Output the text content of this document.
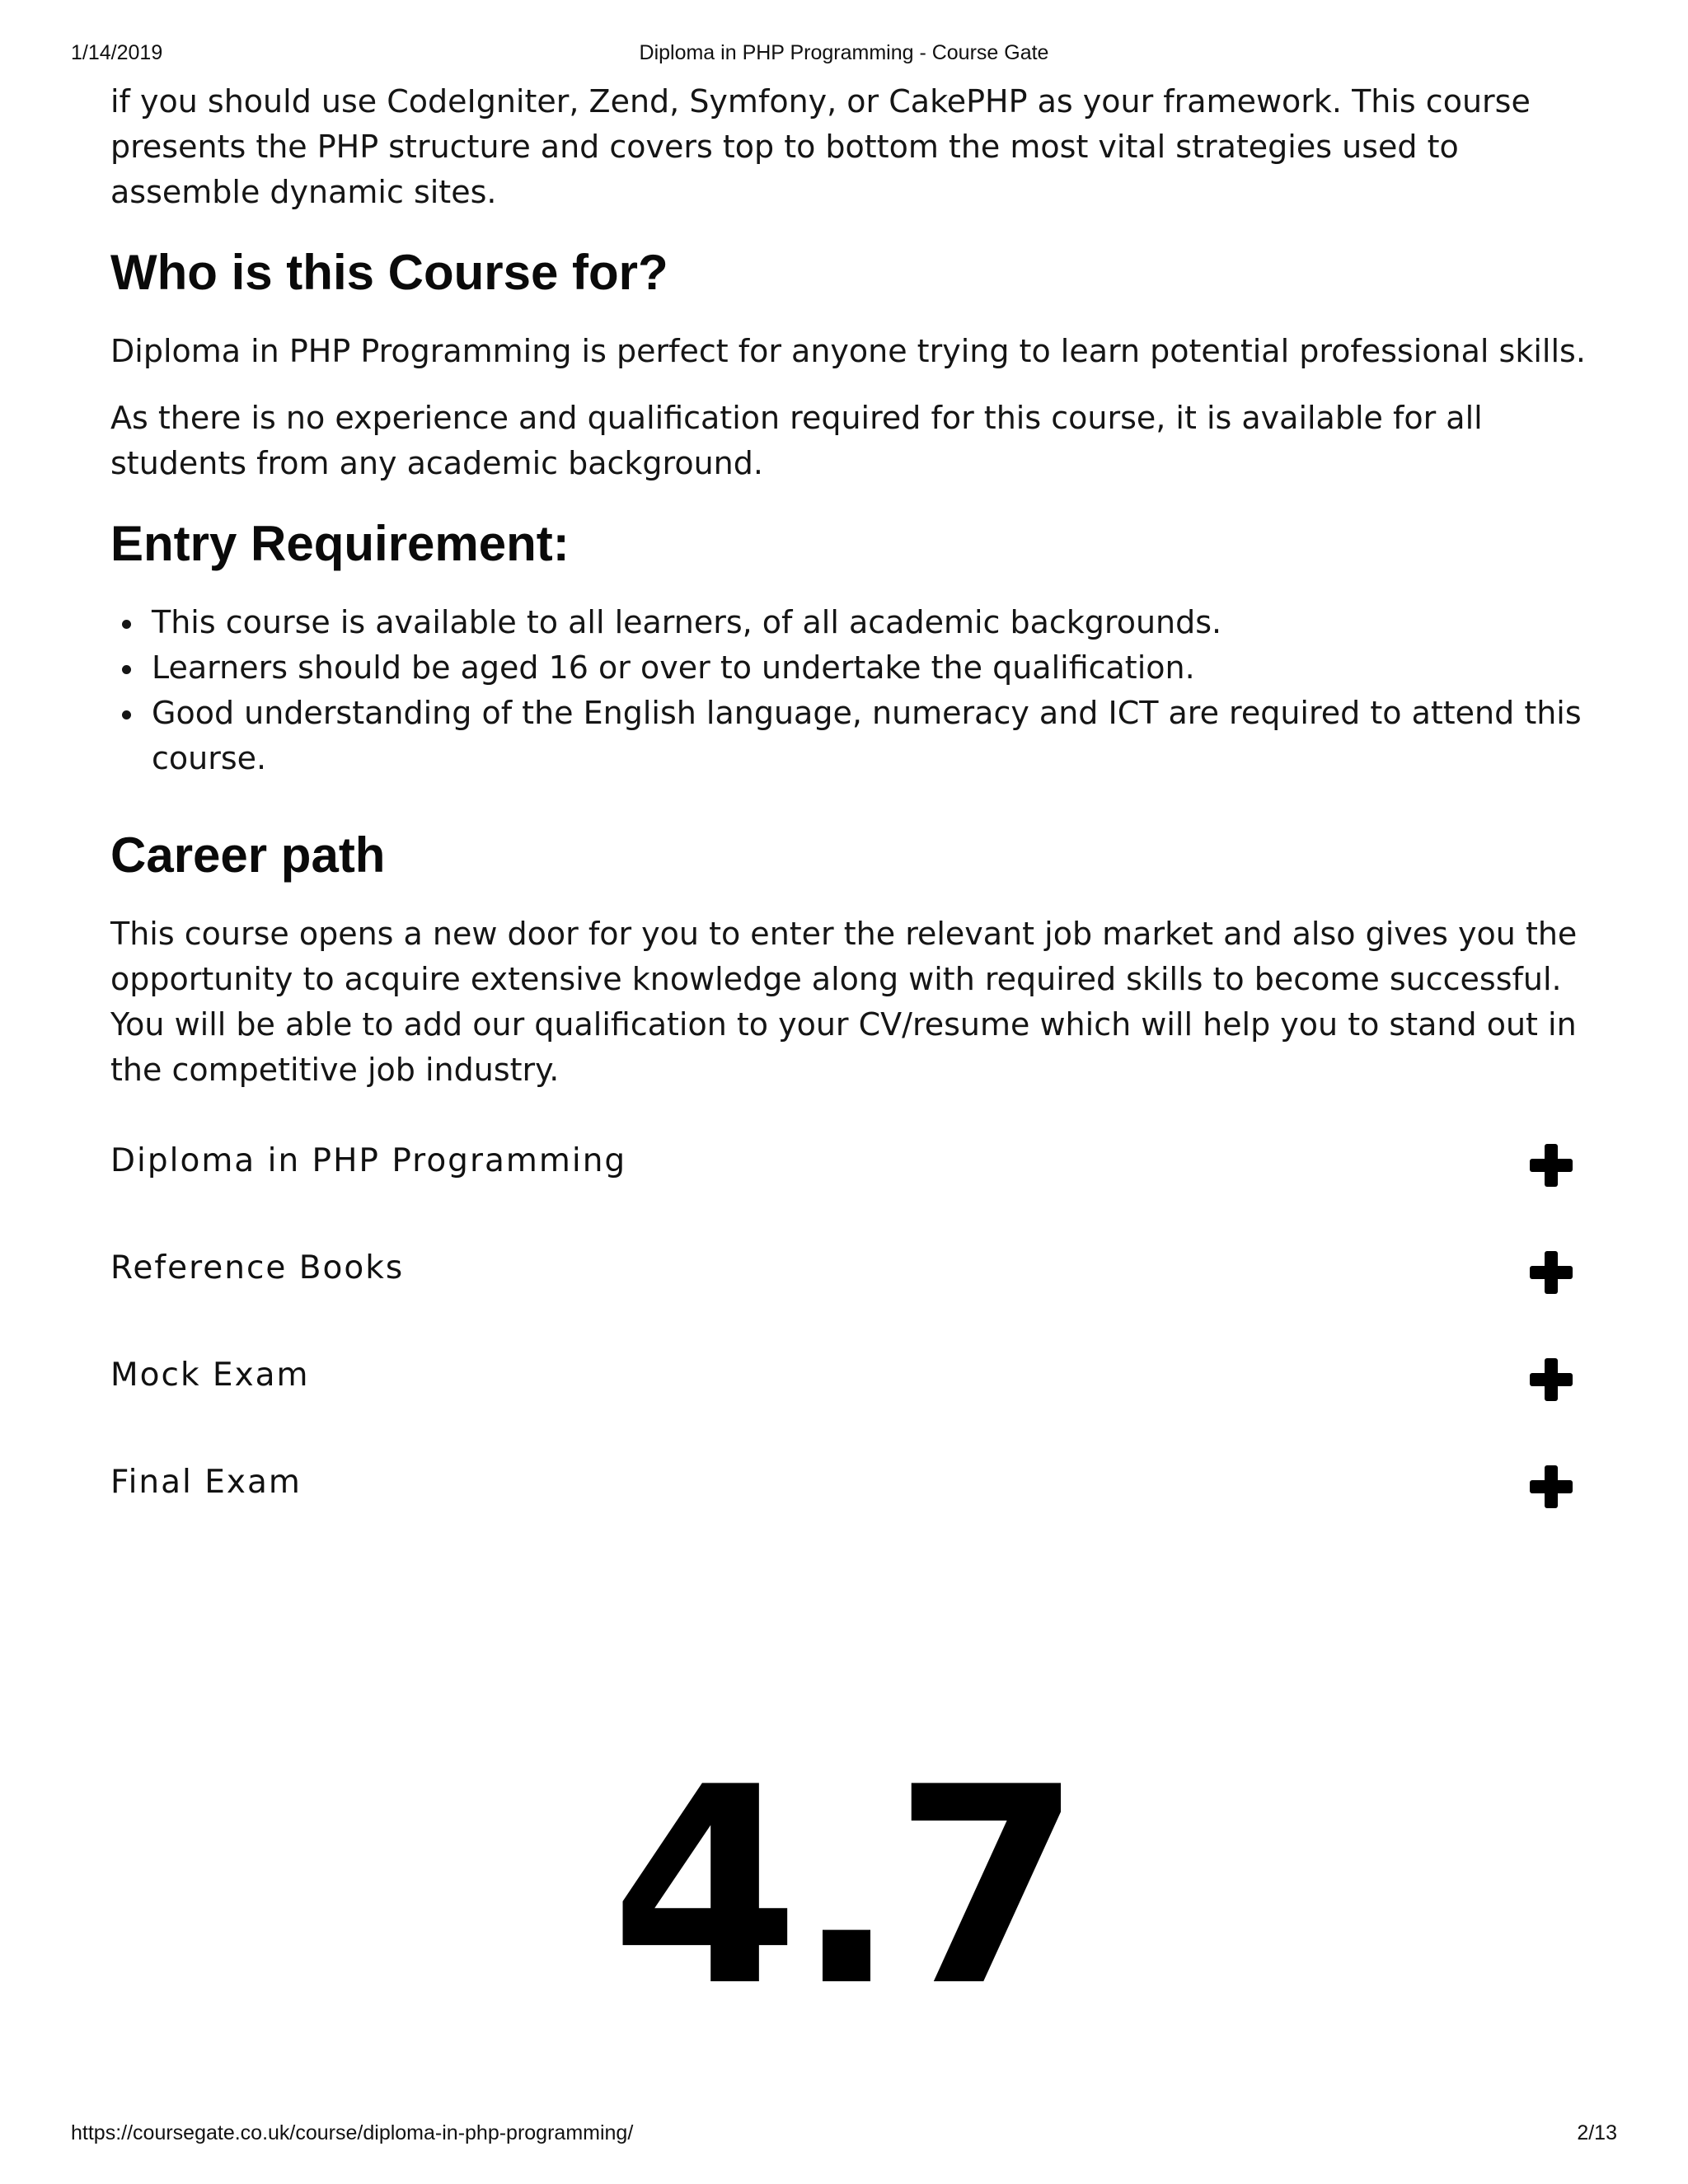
1/14/2019	Diploma in PHP Programming - Course Gate

if you should use CodeIgniter, Zend, Symfony, or CakePHP as your framework. This course presents the PHP structure and covers top to bottom the most vital strategies used to assemble dynamic sites.

Who is this Course for?

Diploma in PHP Programming is perfect for anyone trying to learn potential professional skills.

As there is no experience and qualification required for this course, it is available for all students from any academic background.

Entry Requirement:
This course is available to all learners, of all academic backgrounds.
Learners should be aged 16 or over to undertake the qualification.
Good understanding of the English language, numeracy and ICT are required to attend this course.
Career path

This course opens a new door for you to enter the relevant job market and also gives you the opportunity to acquire extensive knowledge along with required skills to become successful. You will be able to add our qualification to your CV/resume which will help you to stand out in the competitive job industry.

Diploma in PHP Programming
Reference Books
Mock Exam
Final Exam
4.7
https://coursegate.co.uk/course/diploma-in-php-programming/	2/13
